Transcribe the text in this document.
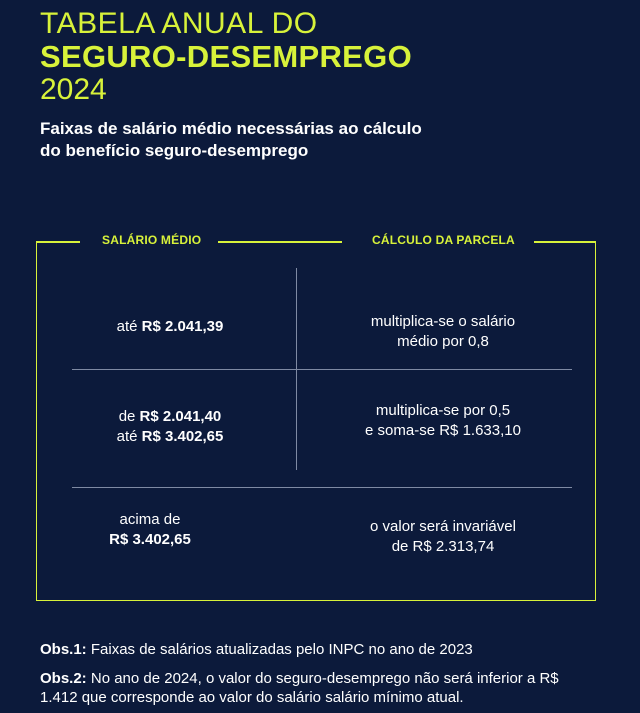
TABELA ANUAL DO
SEGURO-DESEMPREGO
2024
Faixas de salário médio necessárias ao cálculo
do benefício seguro-desemprego
SALÁRIO MÉDIO	CÁLCULO DA PARCELA
até R$ 2.041,39	multiplica-se o salário
médio por 0,8
de R$ 2.041,40
até R$ 3.402,65
multiplica-se por 0,5
e soma-se R$ 1.633,10
acima de
R$ 3.402,65
o valor será invariável
de R$ 2.313,74
Obs.1: Faixas de salários atualizadas pelo INPC no ano de 2023
Obs.2: No ano de 2024, o valor do seguro-desemprego não será inferior a R$ 1.412 que corresponde ao valor do salário salário mínimo atual.
